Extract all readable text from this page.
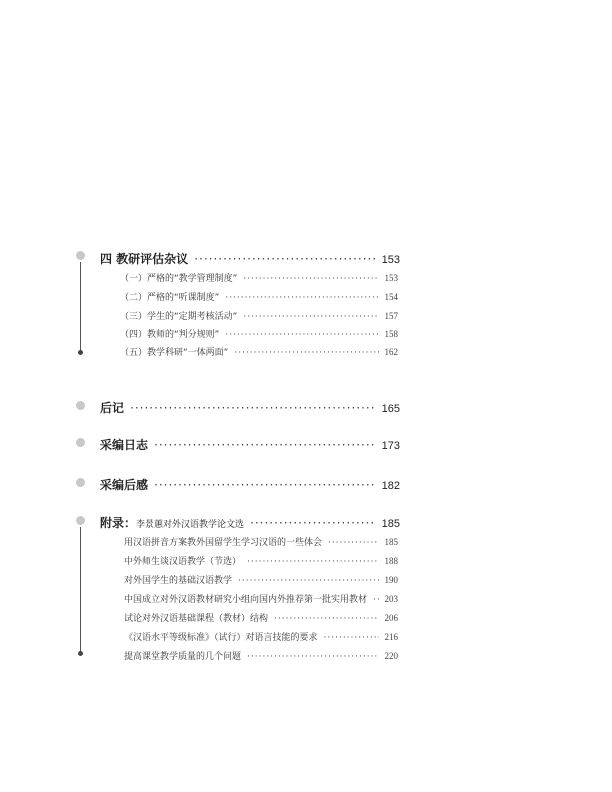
四 教研评估杂议 ·····	153
（一）严格的“教学管理制度” ·····	153
（二）严格的“听课制度” ·····	154
（三）学生的“定期考核活动” ·····	157
（四）教师的“判分规则” ·····	158
（五）教学科研“一体两面” ·····	162
后记 ·····	165
采编日志 ·····	173
采编后感 ·····	182
附录：李景蕙对外汉语教学论文选 ·····	185
用汉语拼音方案教外国留学生学习汉语的一些体会 ·····	185
中外师生谈汉语教学（节选） ·····	188
对外国学生的基础汉语教学 ·····	190
中国成立对外汉语教材研究小组向国内外推荐第一批实用教材 ····· 203
试论对外汉语基础课程（教材）结构 ·····	206
《汉语水平等级标准》（试行）对语言技能的要求 ·····	216
提高课堂教学质量的几个问题 ·····	220
